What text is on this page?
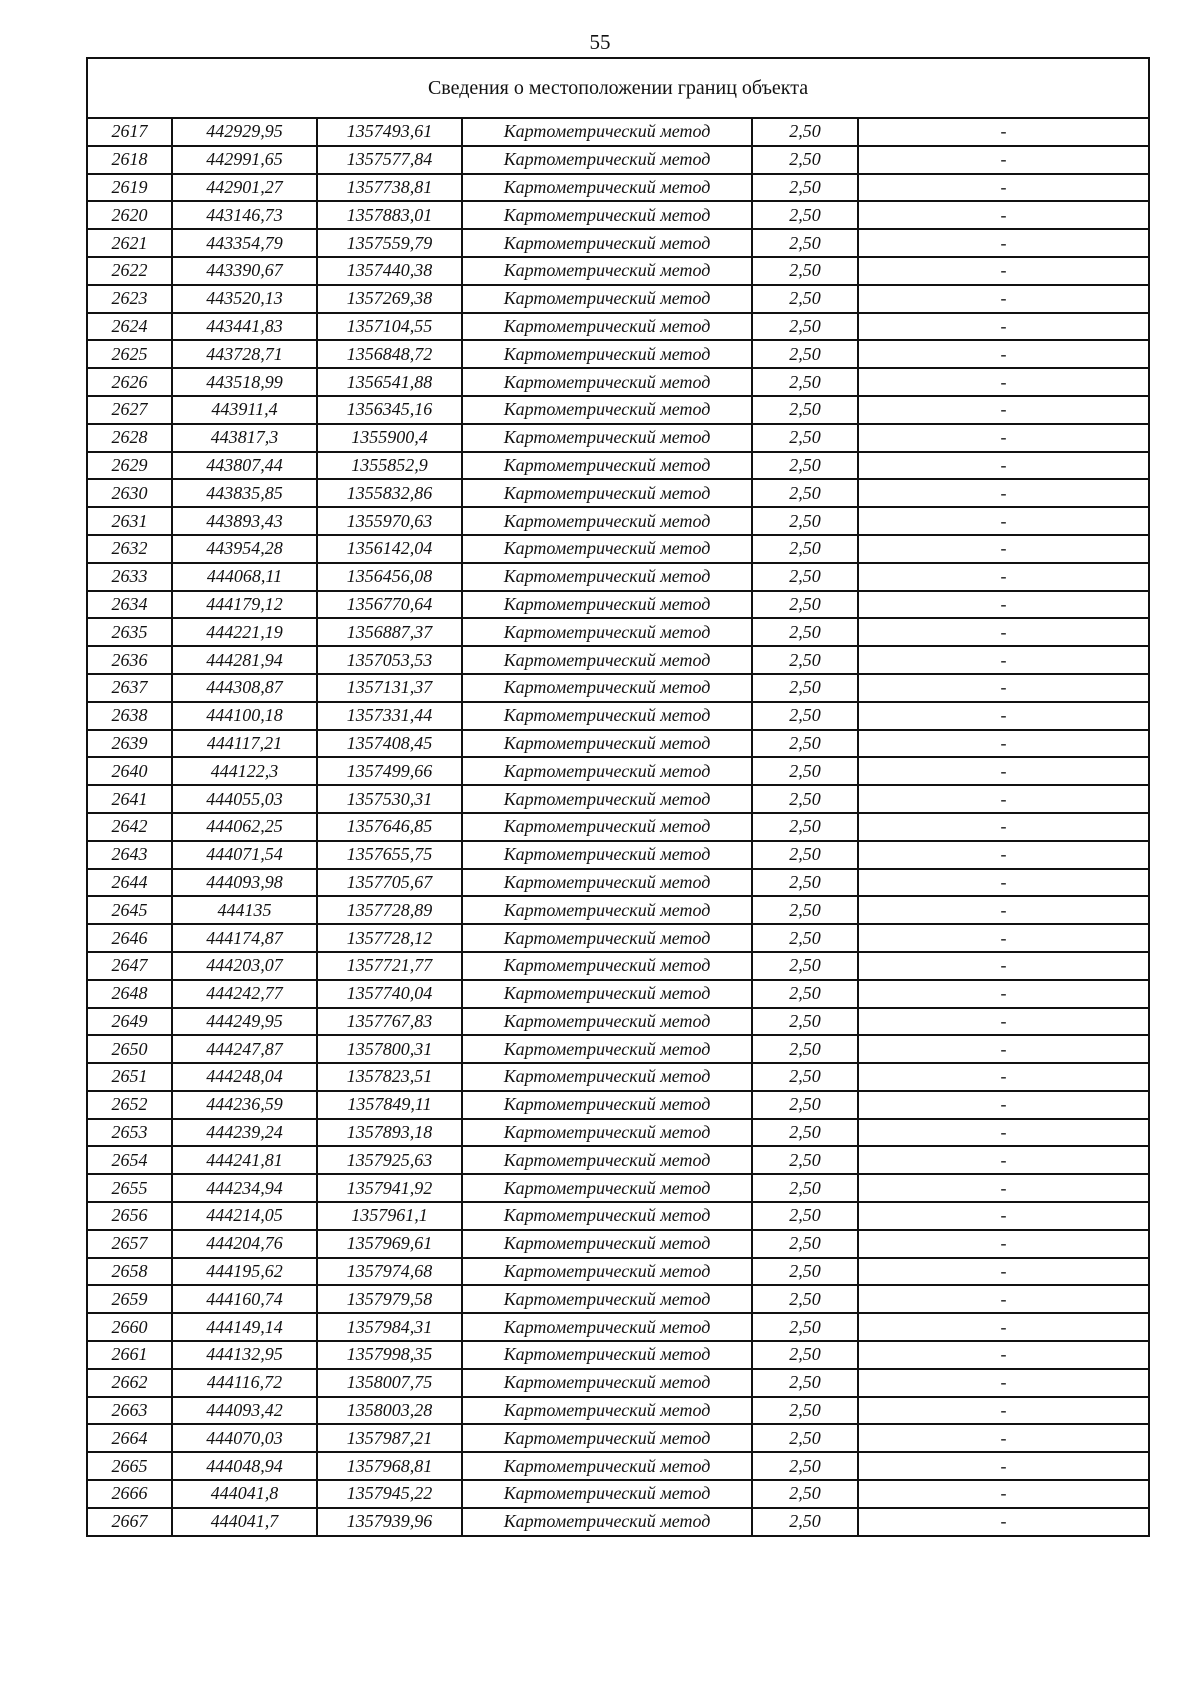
55
Сведения о местоположении границ объекта					
2617	442929,95	1357493,61	Картометрический метод	2,50	-
2618	442991,65	1357577,84	Картометрический метод	2,50	-
2619	442901,27	1357738,81	Картометрический метод	2,50	-
2620	443146,73	1357883,01	Картометрический метод	2,50	-
2621	443354,79	1357559,79	Картометрический метод	2,50	-
2622	443390,67	1357440,38	Картометрический метод	2,50	-
2623	443520,13	1357269,38	Картометрический метод	2,50	-
2624	443441,83	1357104,55	Картометрический метод	2,50	-
2625	443728,71	1356848,72	Картометрический метод	2,50	-
2626	443518,99	1356541,88	Картометрический метод	2,50	-
2627	443911,4	1356345,16	Картометрический метод	2,50	-
2628	443817,3	1355900,4	Картометрический метод	2,50	-
2629	443807,44	1355852,9	Картометрический метод	2,50	-
2630	443835,85	1355832,86	Картометрический метод	2,50	-
2631	443893,43	1355970,63	Картометрический метод	2,50	-
2632	443954,28	1356142,04	Картометрический метод	2,50	-
2633	444068,11	1356456,08	Картометрический метод	2,50	-
2634	444179,12	1356770,64	Картометрический метод	2,50	-
2635	444221,19	1356887,37	Картометрический метод	2,50	-
2636	444281,94	1357053,53	Картометрический метод	2,50	-
2637	444308,87	1357131,37	Картометрический метод	2,50	-
2638	444100,18	1357331,44	Картометрический метод	2,50	-
2639	444117,21	1357408,45	Картометрический метод	2,50	-
2640	444122,3	1357499,66	Картометрический метод	2,50	-
2641	444055,03	1357530,31	Картометрический метод	2,50	-
2642	444062,25	1357646,85	Картометрический метод	2,50	-
2643	444071,54	1357655,75	Картометрический метод	2,50	-
2644	444093,98	1357705,67	Картометрический метод	2,50	-
2645	444135	1357728,89	Картометрический метод	2,50	-
2646	444174,87	1357728,12	Картометрический метод	2,50	-
2647	444203,07	1357721,77	Картометрический метод	2,50	-
2648	444242,77	1357740,04	Картометрический метод	2,50	-
2649	444249,95	1357767,83	Картометрический метод	2,50	-
2650	444247,87	1357800,31	Картометрический метод	2,50	-
2651	444248,04	1357823,51	Картометрический метод	2,50	-
2652	444236,59	1357849,11	Картометрический метод	2,50	-
2653	444239,24	1357893,18	Картометрический метод	2,50	-
2654	444241,81	1357925,63	Картометрический метод	2,50	-
2655	444234,94	1357941,92	Картометрический метод	2,50	-
2656	444214,05	1357961,1	Картометрический метод	2,50	-
2657	444204,76	1357969,61	Картометрический метод	2,50	-
2658	444195,62	1357974,68	Картометрический метод	2,50	-
2659	444160,74	1357979,58	Картометрический метод	2,50	-
2660	444149,14	1357984,31	Картометрический метод	2,50	-
2661	444132,95	1357998,35	Картометрический метод	2,50	-
2662	444116,72	1358007,75	Картометрический метод	2,50	-
2663	444093,42	1358003,28	Картометрический метод	2,50	-
2664	444070,03	1357987,21	Картометрический метод	2,50	-
2665	444048,94	1357968,81	Картометрический метод	2,50	-
2666	444041,8	1357945,22	Картометрический метод	2,50	-
2667	444041,7	1357939,96	Картометрический метод	2,50	-
